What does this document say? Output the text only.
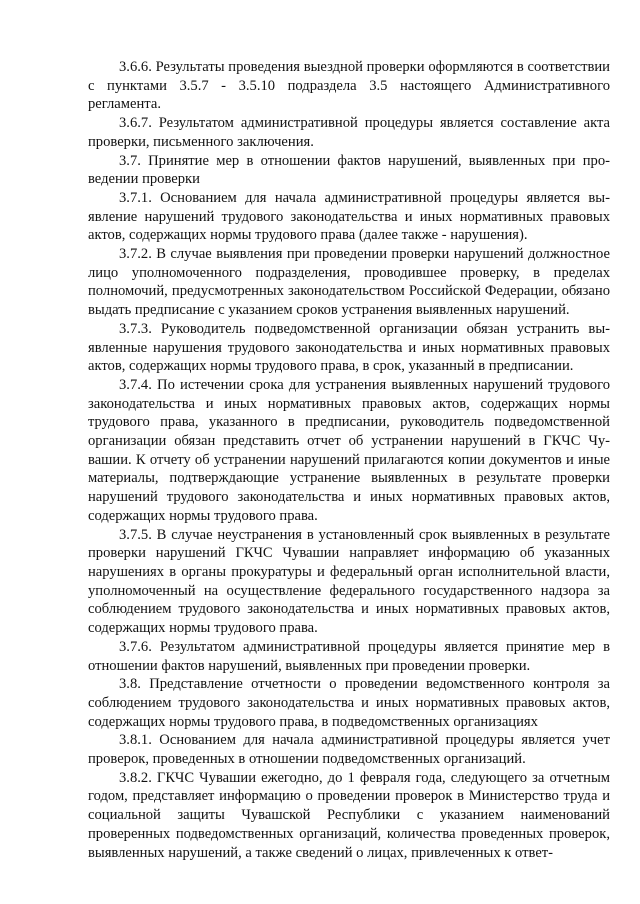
3.6.6. Результаты проведения выездной проверки оформляются в соответствии с пунктами 3.5.7 - 3.5.10 подраздела 3.5 настоящего Административного регламента.

3.6.7. Результатом административной процедуры является составление акта проверки, письменного заключения.

3.7. Принятие мер в отношении фактов нарушений, выявленных при проведении проверки

3.7.1. Основанием для начала административной процедуры является выявление нарушений трудового законодательства и иных нормативных правовых актов, содержащих нормы трудового права (далее также - нарушения).

3.7.2. В случае выявления при проведении проверки нарушений должностное лицо уполномоченного подразделения, проводившее проверку, в пределах полномочий, предусмотренных законодательством Российской Федерации, обязано выдать предписание с указанием сроков устранения выявленных нарушений.

3.7.3. Руководитель подведомственной организации обязан устранить выявленные нарушения трудового законодательства и иных нормативных правовых актов, содержащих нормы трудового права, в срок, указанный в предписании.

3.7.4. По истечении срока для устранения выявленных нарушений трудового законодательства и иных нормативных правовых актов, содержащих нормы трудового права, указанного в предписании, руководитель подведомственной организации обязан представить отчет об устранении нарушений в ГКЧС Чувашии. К отчету об устранении нарушений прилагаются копии документов и иные материалы, подтверждающие устранение выявленных в результате проверки нарушений трудового законодательства и иных нормативных правовых актов, содержащих нормы трудового права.

3.7.5. В случае неустранения в установленный срок выявленных в результате проверки нарушений ГКЧС Чувашии направляет информацию об указанных нарушениях в органы прокуратуры и федеральный орган исполнительной власти, уполномоченный на осуществление федерального государственного надзора за соблюдением трудового законодательства и иных нормативных правовых актов, содержащих нормы трудового права.

3.7.6. Результатом административной процедуры является принятие мер в отношении фактов нарушений, выявленных при проведении проверки.

3.8. Представление отчетности о проведении ведомственного контроля за соблюдением трудового законодательства и иных нормативных правовых актов, содержащих нормы трудового права, в подведомственных организациях

3.8.1. Основанием для начала административной процедуры является учет проверок, проведенных в отношении подведомственных организаций.

3.8.2. ГКЧС Чувашии ежегодно, до 1 февраля года, следующего за отчетным годом, представляет информацию о проведении проверок в Министерство труда и социальной защиты Чувашской Республики с указанием наименований проверенных подведомственных организаций, количества проведенных проверок, выявленных нарушений, а также сведений о лицах, привлеченных к ответ-
